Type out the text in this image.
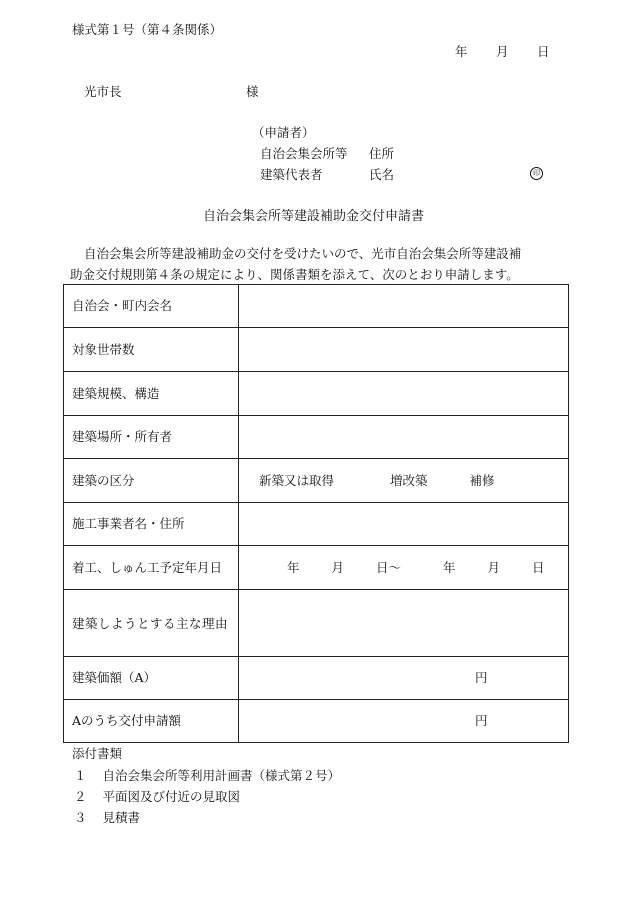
様式第１号（第４条関係）
年 月 日
光市長	様
（申請者）
自治会集会所等 住所
建築代表者	氏名	印
自治会集会所等建設補助金交付申請書
自治会集会所等建設補助金の交付を受けたいので、光市自治会集会所等建設補
助金交付規則第４条の規定により、関係書類を添えて、次のとおり申請します。
自治会・町内会名	
対象世帯数	
建築規模、構造	
建築場所・所有者	
建築の区分	新築又は取得 増改築 補修
施工事業者名・住所	
着工、しゅん工予定年月日	年 月 日～ 年 月 日
建築しようとする主な理由	
建築価額（A）	円
Aのうち交付申請額	円
添付書類
１ 自治会集会所等利用計画書（様式第２号）
２ 平面図及び付近の見取図
３ 見積書
